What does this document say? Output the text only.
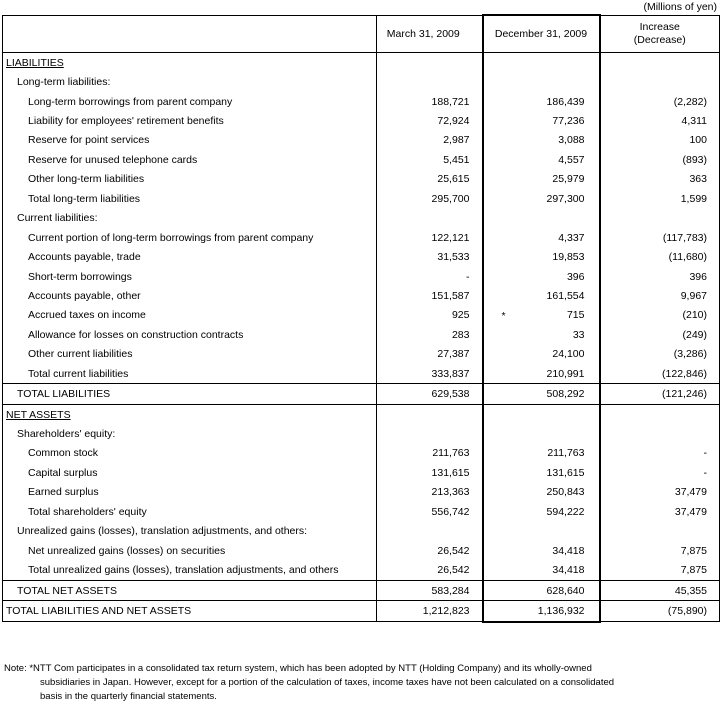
(Millions of yen)
	March 31, 2009	December 31, 2009	Increase
(Decrease)
LIABILITIES			
Long-term liabilities:			
Long-term borrowings from parent company	188,721	186,439	(2,282)
Liability for employees' retirement benefits	72,924	77,236	4,311
Reserve for point services	2,987	3,088	100
Reserve for unused telephone cards	5,451	4,557	(893)
Other long-term liabilities	25,615	25,979	363
Total long-term liabilities	295,700	297,300	1,599
Current liabilities:			
Current portion of long-term borrowings from parent company	122,121	4,337	(117,783)
Accounts payable, trade	31,533	19,853	(11,680)
Short-term borrowings	-	396	396
Accounts payable, other	151,587	161,554	9,967
Accrued taxes on income	925	* 715	(210)
Allowance for losses on construction contracts	283	33	(249)
Other current liabilities	27,387	24,100	(3,286)
Total current liabilities	333,837	210,991	(122,846)
TOTAL LIABILITIES	629,538	508,292	(121,246)
NET ASSETS			
Shareholders' equity:			
Common stock	211,763	211,763	-
Capital surplus	131,615	131,615	-
Earned surplus	213,363	250,843	37,479
Total shareholders' equity	556,742	594,222	37,479
Unrealized gains (losses), translation adjustments, and others:			
Net unrealized gains (losses) on securities	26,542	34,418	7,875
Total unrealized gains (losses), translation adjustments, and others	26,542	34,418	7,875
TOTAL NET ASSETS	583,284	628,640	45,355
TOTAL LIABILITIES AND NET ASSETS	1,212,823	1,136,932	(75,890)
Note: *NTT Com participates in a consolidated tax return system, which has been adopted by NTT (Holding Company) and its wholly-owned
subsidiaries in Japan. However, except for a portion of the calculation of taxes, income taxes have not been calculated on a consolidated
basis in the quarterly financial statements.
